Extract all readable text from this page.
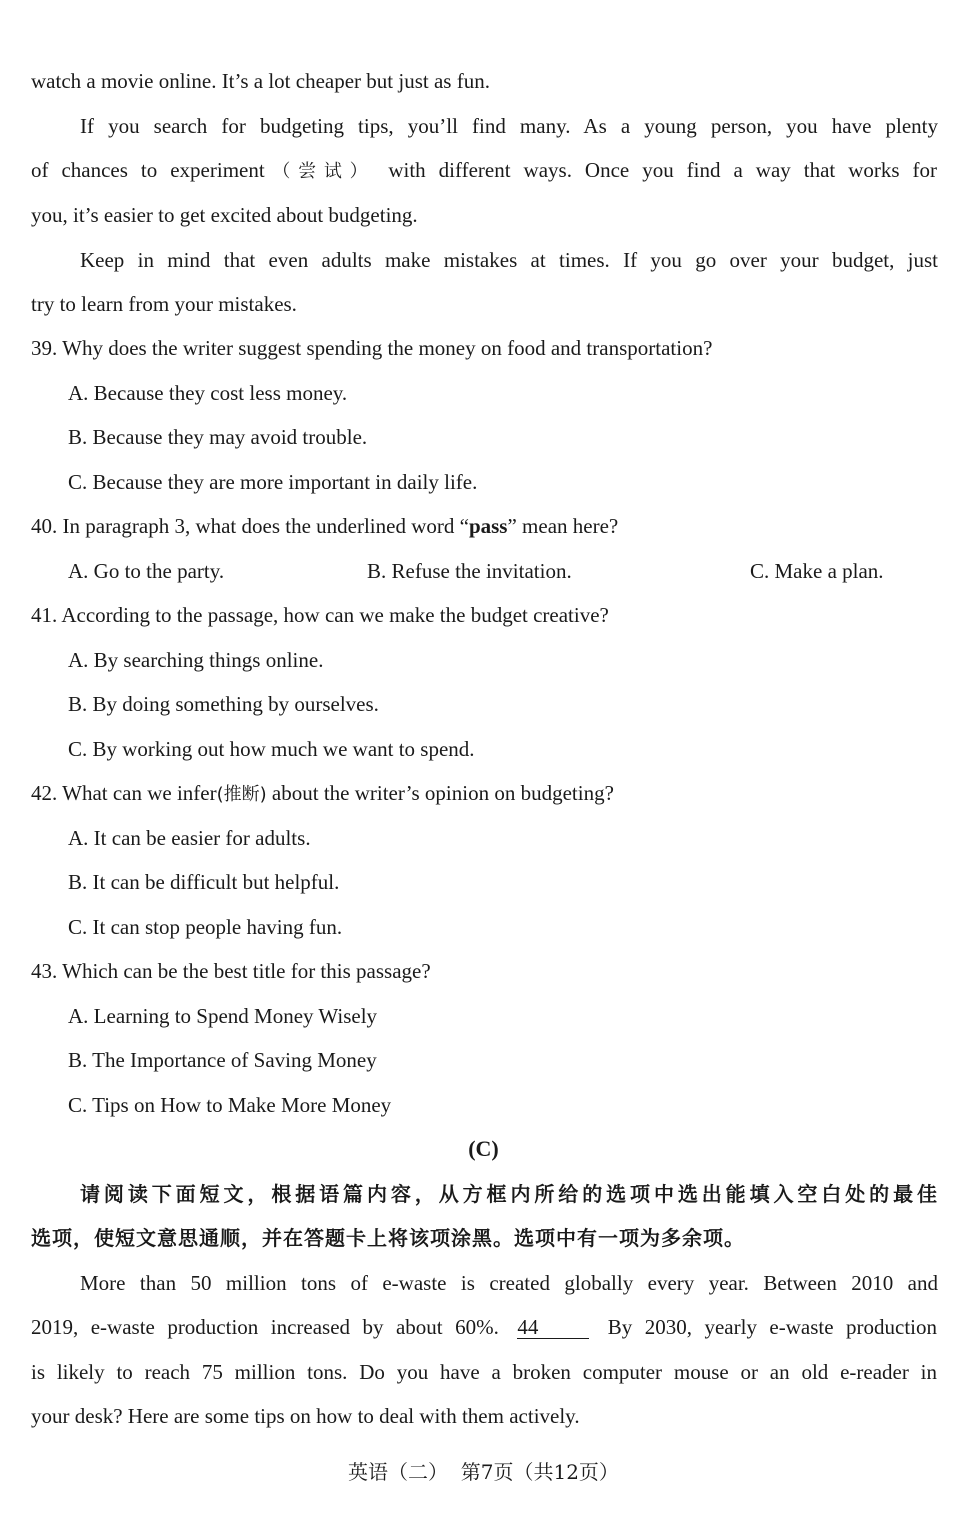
watch a movie online. It’s a lot cheaper but just as fun.
If you search for budgeting tips, you’ll find many. As a young person, you have plenty
of chances to experiment（尝试） with different ways. Once you find a way that works for
you, it’s easier to get excited about budgeting.
Keep in mind that even adults make mistakes at times. If you go over your budget, just
try to learn from your mistakes.
39. Why does the writer suggest spending the money on food and transportation?
A. Because they cost less money.
B. Because they may avoid trouble.
C. Because they are more important in daily life.
40. In paragraph 3, what does the underlined word “pass” mean here?
A. Go to the party.	B. Refuse the invitation.	C. Make a plan.
41. According to the passage, how can we make the budget creative?
A. By searching things online.
B. By doing something by ourselves.
C. By working out how much we want to spend.
42. What can we infer(推断) about the writer’s opinion on budgeting?
A. It can be easier for adults.
B. It can be difficult but helpful.
C. It can stop people having fun.
43. Which can be the best title for this passage?
A. Learning to Spend Money Wisely
B. The Importance of Saving Money
C. Tips on How to Make More Money
(C)
请阅读下面短文，根据语篇内容，从方框内所给的选项中选出能填入空白处的最佳
选项，使短文意思通顺，并在答题卡上将该项涂黑。选项中有一项为多余项。
More than 50 million tons of e-waste is created globally every year. Between 2010 and
2019, e-waste production increased by about 60%. 44	By 2030, yearly e-waste production
is likely to reach 75 million tons. Do you have a broken computer mouse or an old e-reader in
your desk? Here are some tips on how to deal with them actively.
英语（二）  第7页（共12页）
